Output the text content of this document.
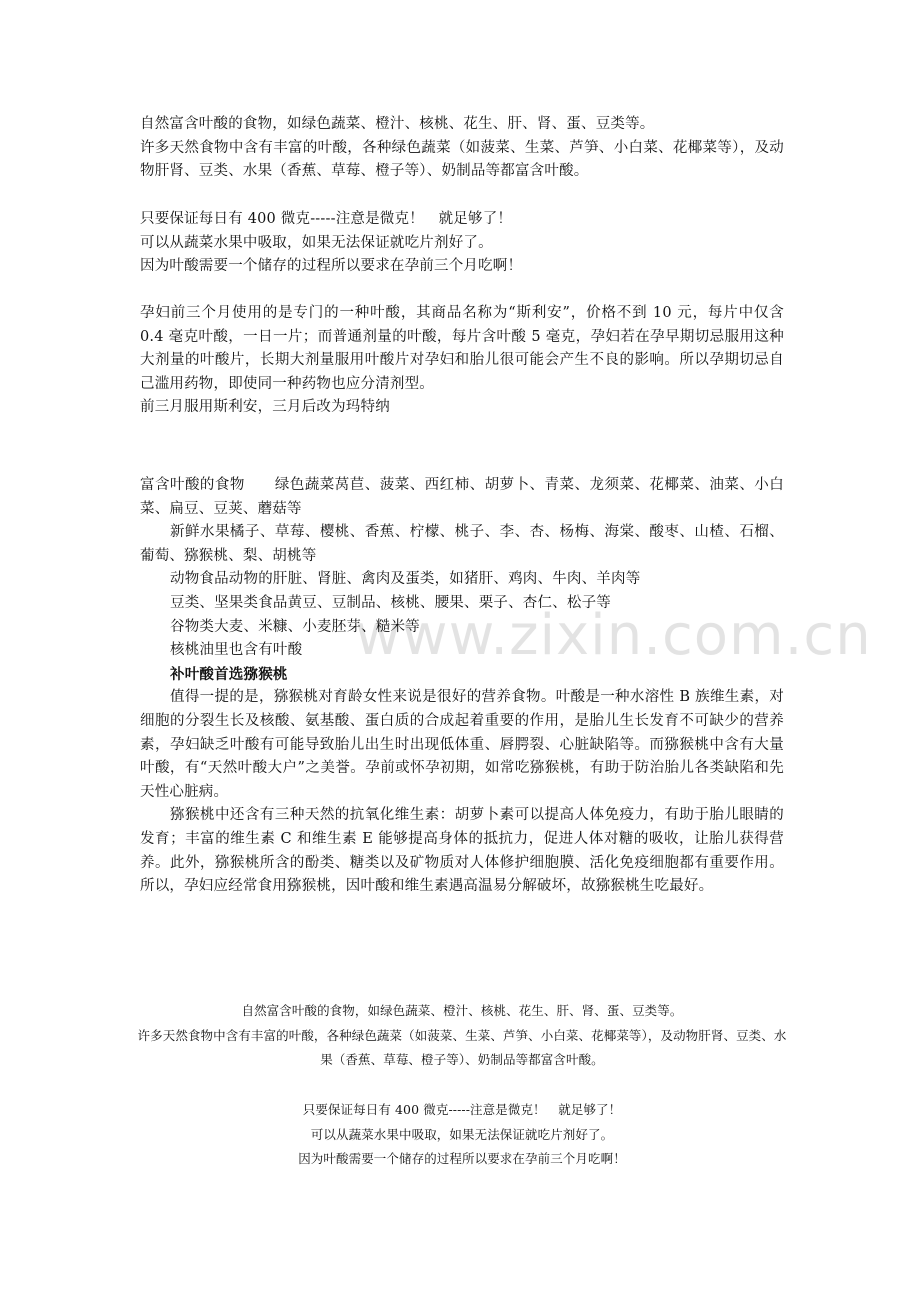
自然富含叶酸的食物，如绿色蔬菜、橙汁、核桃、花生、肝、肾、蛋、豆类等。

许多天然食物中含有丰富的叶酸，各种绿色蔬菜（如菠菜、生菜、芦笋、小白菜、花椰菜等），及动物肝肾、豆类、水果（香蕉、草莓、橙子等）、奶制品等都富含叶酸。

只要保证每日有 400 微克-----注意是微克！　就足够了！

可以从蔬菜水果中吸取，如果无法保证就吃片剂好了。

因为叶酸需要一个储存的过程所以要求在孕前三个月吃啊！

孕妇前三个月使用的是专门的一种叶酸，其商品名称为“斯利安”，价格不到 10 元，每片中仅含 0.4 毫克叶酸，一日一片；而普通剂量的叶酸，每片含叶酸 5 毫克，孕妇若在孕早期切忌服用这种大剂量的叶酸片，长期大剂量服用叶酸片对孕妇和胎儿很可能会产生不良的影响。所以孕期切忌自己滥用药物，即使同一种药物也应分清剂型。

前三月服用斯利安，三月后改为玛特纳

富含叶酸的食物　　绿色蔬菜莴苣、菠菜、西红柿、胡萝卜、青菜、龙须菜、花椰菜、油菜、小白菜、扁豆、豆荚、蘑菇等

新鲜水果橘子、草莓、樱桃、香蕉、柠檬、桃子、李、杏、杨梅、海棠、酸枣、山楂、石榴、葡萄、猕猴桃、梨、胡桃等

动物食品动物的肝脏、肾脏、禽肉及蛋类，如猪肝、鸡肉、牛肉、羊肉等

豆类、坚果类食品黄豆、豆制品、核桃、腰果、栗子、杏仁、松子等

谷物类大麦、米糠、小麦胚芽、糙米等

核桃油里也含有叶酸

补叶酸首选猕猴桃

值得一提的是，猕猴桃对育龄女性来说是很好的营养食物。叶酸是一种水溶性 B 族维生素，对细胞的分裂生长及核酸、氨基酸、蛋白质的合成起着重要的作用，是胎儿生长发育不可缺少的营养素，孕妇缺乏叶酸有可能导致胎儿出生时出现低体重、唇腭裂、心脏缺陷等。而猕猴桃中含有大量叶酸，有“天然叶酸大户”之美誉。孕前或怀孕初期，如常吃猕猴桃，有助于防治胎儿各类缺陷和先天性心脏病。

猕猴桃中还含有三种天然的抗氧化维生素：胡萝卜素可以提高人体免疫力，有助于胎儿眼睛的发育；丰富的维生素 C 和维生素 E 能够提高身体的抵抗力，促进人体对糖的吸收，让胎儿获得营养。此外，猕猴桃所含的酚类、糖类以及矿物质对人体修护细胞膜、活化免疫细胞都有重要作用。所以，孕妇应经常食用猕猴桃，因叶酸和维生素遇高温易分解破坏，故猕猴桃生吃最好。

www.zixin.com.cn

自然富含叶酸的食物，如绿色蔬菜、橙汁、核桃、花生、肝、肾、蛋、豆类等。

许多天然食物中含有丰富的叶酸，各种绿色蔬菜（如菠菜、生菜、芦笋、小白菜、花椰菜等），及动物肝肾、豆类、水果（香蕉、草莓、橙子等）、奶制品等都富含叶酸。

只要保证每日有 400 微克-----注意是微克！　就足够了！

可以从蔬菜水果中吸取，如果无法保证就吃片剂好了。

因为叶酸需要一个储存的过程所以要求在孕前三个月吃啊！
